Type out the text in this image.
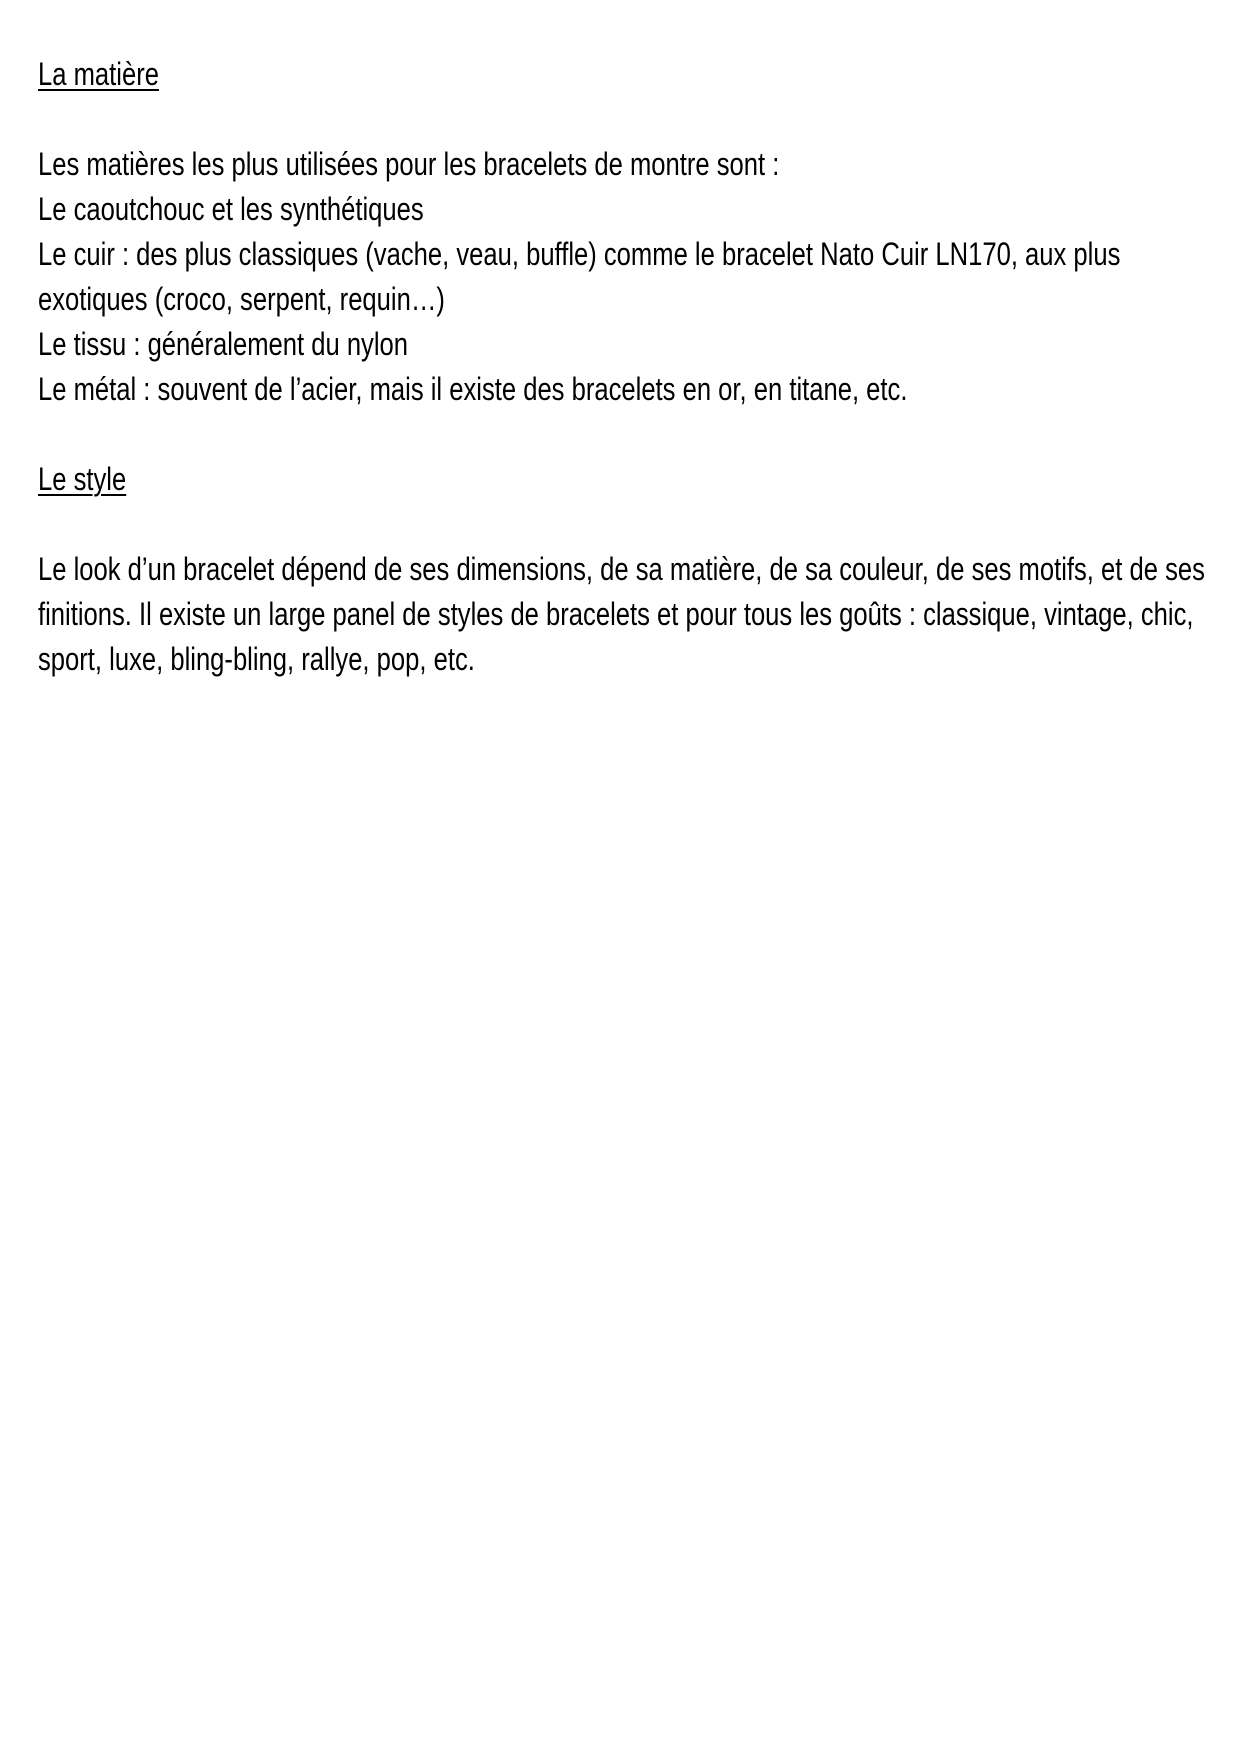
La matière

Les matières les plus utilisées pour les bracelets de montre sont :

Le caoutchouc et les synthétiques

Le cuir : des plus classiques (vache, veau, buffle) comme le bracelet Nato Cuir LN170, aux plus exotiques (croco, serpent, requin…)

Le tissu : généralement du nylon

Le métal : souvent de l’acier, mais il existe des bracelets en or, en titane, etc.

Le style

Le look d’un bracelet dépend de ses dimensions, de sa matière, de sa couleur, de ses motifs, et de ses finitions. Il existe un large panel de styles de bracelets et pour tous les goûts : classique, vintage, chic, sport, luxe, bling-bling, rallye, pop, etc.
